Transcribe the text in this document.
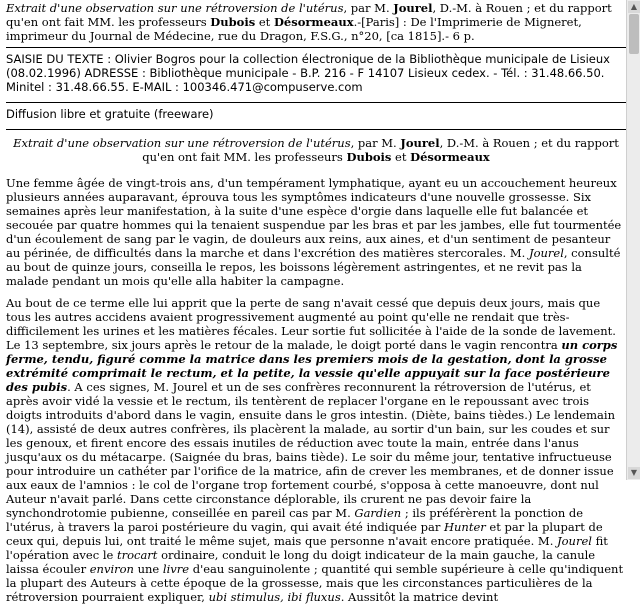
Extrait d'une observation sur une rétroversion de l'utérus, par M. Jourel, D.-M. à Rouen ; et du rapport qu'en ont fait MM. les professeurs Dubois et Désormeaux.-[Paris] : De l'Imprimerie de Migneret, imprimeur du Journal de Médecine, rue du Dragon, F.S.G., n°20, [ca 1815].- 6 p.

SAISIE DU TEXTE : Olivier Bogros pour la collection électronique de la Bibliothèque municipale de Lisieux (08.02.1996) ADRESSE : Bibliothèque municipale - B.P. 216 - F 14107 Lisieux cedex. - Tél. : 31.48.66.50. Minitel : 31.48.66.55. E-MAIL : 100346.471@compuserve.com

Diffusion libre et gratuite (freeware)

Extrait d'une observation sur une rétroversion de l'utérus, par M. Jourel, D.-M. à Rouen ; et du rapport qu'en ont fait MM. les professeurs Dubois et Désormeaux

Une femme âgée de vingt-trois ans, d'un tempérament lymphatique, ayant eu un accouchement heureux plusieurs années auparavant, éprouva tous les symptômes indicateurs d'une nouvelle grossesse. Six semaines après leur manifestation, à la suite d'une espèce d'orgie dans laquelle elle fut balancée et secouée par quatre hommes qui la tenaient suspendue par les bras et par les jambes, elle fut tourmentée d'un écoulement de sang par le vagin, de douleurs aux reins, aux aines, et d'un sentiment de pesanteur au périnée, de difficultés dans la marche et dans l'excrétion des matières stercorales. M. Jourel, consulté au bout de quinze jours, conseilla le repos, les boissons légèrement astringentes, et ne revit pas la malade pendant un mois qu'elle alla habiter la campagne.

Au bout de ce terme elle lui apprit que la perte de sang n'avait cessé que depuis deux jours, mais que tous les autres accidens avaient progressivement augmenté au point qu'elle ne rendait que très-difficilement les urines et les matières fécales. Leur sortie fut sollicitée à l'aide de la sonde de lavement. Le 13 septembre, six jours après le retour de la malade, le doigt porté dans le vagin rencontra un corps ferme, tendu, figuré comme la matrice dans les premiers mois de la gestation, dont la grosse extrémité comprimait le rectum, et la petite, la vessie qu'elle appuyait sur la face postérieure des pubis. A ces signes, M. Jourel et un de ses confrères reconnurent la rétroversion de l'utérus, et après avoir vidé la vessie et le rectum, ils tentèrent de replacer l'organe en le repoussant avec trois doigts introduits d'abord dans le vagin, ensuite dans le gros intestin. (Diète, bains tièdes.) Le lendemain (14), assisté de deux autres confrères, ils placèrent la malade, au sortir d'un bain, sur les coudes et sur les genoux, et firent encore des essais inutiles de réduction avec toute la main, entrée dans l'anus jusqu'aux os du métacarpe. (Saignée du bras, bains tiède). Le soir du même jour, tentative infructueuse pour introduire un cathéter par l'orifice de la matrice, afin de crever les membranes, et de donner issue aux eaux de l'amnios : le col de l'organe trop fortement courbé, s'opposa à cette manoeuvre, dont nul Auteur n'avait parlé. Dans cette circonstance déplorable, ils crurent ne pas devoir faire la synchondrotomie pubienne, conseillée en pareil cas par M. Gardien ; ils préférèrent la ponction de l'utérus, à travers la paroi postérieure du vagin, qui avait été indiquée par Hunter et par la plupart de ceux qui, depuis lui, ont traité le même sujet, mais que personne n'avait encore pratiquée. M. Jourel fit l'opération avec le trocart ordinaire, conduit le long du doigt indicateur de la main gauche, la canule laissa écouler environ une livre d'eau sanguinolente ; quantité qui semble supérieure à celle qu'indiquent la plupart des Auteurs à cette époque de la grossesse, mais que les circonstances particulières de la rétroversion pourraient expliquer, ubi stimulus, ibi fluxus. Aussitôt la matrice devint

▲
▼
